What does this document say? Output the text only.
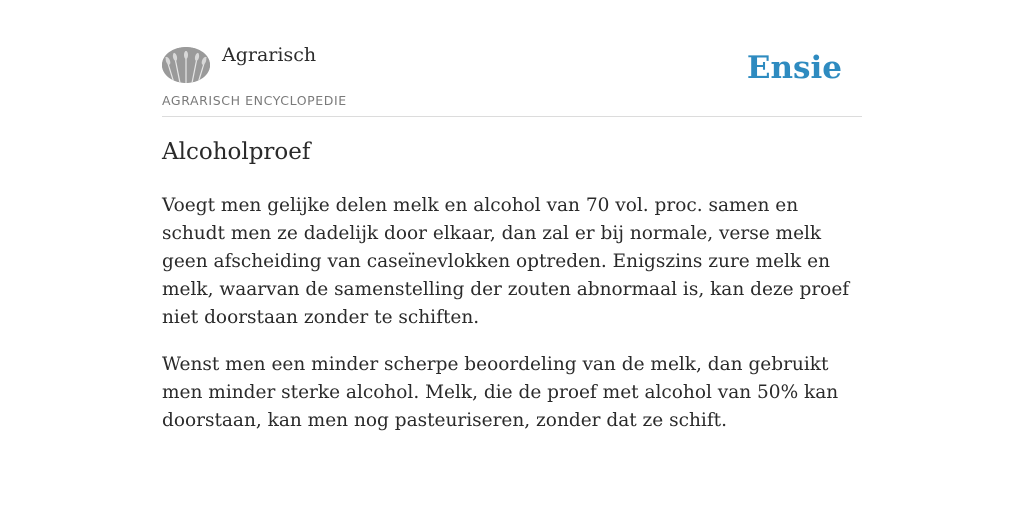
Agrarisch
AGRARISCH ENCYCLOPEDIE
Ensie
Alcoholproef

Voegt men gelijke delen melk en alcohol van 70 vol. proc. samen en schudt men ze dadelijk door elkaar, dan zal er bij normale, verse melk geen afscheiding van caseïnevlokken optreden. Enigszins zure melk en melk, waarvan de samenstelling der zouten abnormaal is, kan deze proef niet doorstaan zonder te schiften.

Wenst men een minder scherpe beoordeling van de melk, dan gebruikt men minder sterke alcohol. Melk, die de proef met alcohol van 50% kan doorstaan, kan men nog pasteuriseren, zonder dat ze schift.
